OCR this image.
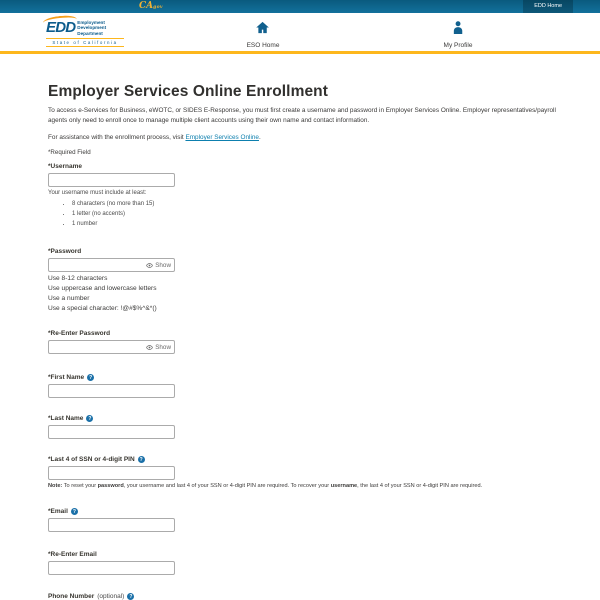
CAgov	EDD Home
EDD Employment
Development
Department
State of California	ESO Home	My Profile
Employer Services Online Enrollment

To access e-Services for Business, eWOTC, or SIDES E-Response, you must first create a username and password in Employer Services Online. Employer representatives/payroll agents only need to enroll once to manage multiple client accounts using their own name and contact information.

For assistance with the enrollment process, visit Employer Services Online.

*Required Field

*Username
Your username must include at least:
• 8 characters (no more than 15)
• 1 letter (no accents)
• 1 number
*Password
Show
Use 8-12 characters
Use uppercase and lowercase letters
Use a number
Use a special character: !@#$%^&*()
*Re-Enter Password
Show
*First Name ?
*Last Name ?
*Last 4 of SSN or 4-digit PIN ?
Note: To reset your password, your username and last 4 of your SSN or 4-digit PIN are required. To recover your username, the last 4 of your SSN or 4-digit PIN are required.
*Email ?
*Re-Enter Email
Phone Number (optional) ?
